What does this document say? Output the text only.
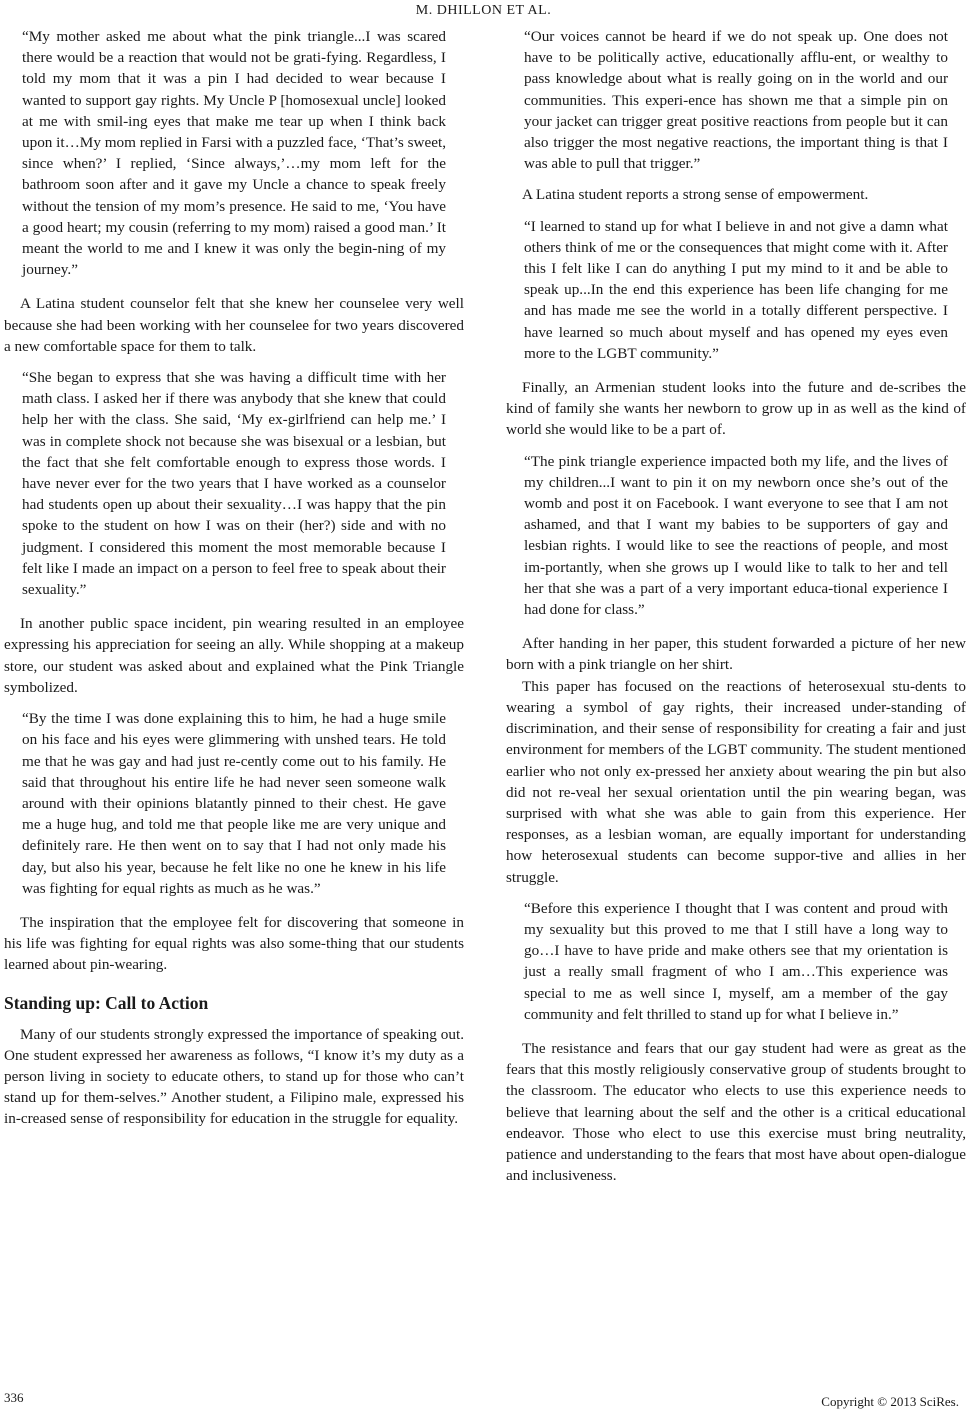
M. DHILLON ET AL.

“My mother asked me about what the pink triangle...I was scared there would be a reaction that would not be grati-fying. Regardless, I told my mom that it was a pin I had decided to wear because I wanted to support gay rights. My Uncle P [homosexual uncle] looked at me with smil-ing eyes that make me tear up when I think back upon it…My mom replied in Farsi with a puzzled face, ‘That’s sweet, since when?’ I replied, ‘Since always,’…my mom left for the bathroom soon after and it gave my Uncle a chance to speak freely without the tension of my mom’s presence. He said to me, ‘You have a good heart; my cousin (referring to my mom) raised a good man.’ It meant the world to me and I knew it was only the begin-ning of my journey.”

A Latina student counselor felt that she knew her counselee very well because she had been working with her counselee for two years discovered a new comfortable space for them to talk.

“She began to express that she was having a difficult time with her math class. I asked her if there was anybody that she knew that could help her with the class. She said, ‘My ex-girlfriend can help me.’ I was in complete shock not because she was bisexual or a lesbian, but the fact that she felt comfortable enough to express those words. I have never ever for the two years that I have worked as a counselor had students open up about their sexuality…I was happy that the pin spoke to the student on how I was on their (her?) side and with no judgment. I considered this moment the most memorable because I felt like I made an impact on a person to feel free to speak about their sexuality.”

In another public space incident, pin wearing resulted in an employee expressing his appreciation for seeing an ally. While shopping at a makeup store, our student was asked about and explained what the Pink Triangle symbolized.

“By the time I was done explaining this to him, he had a huge smile on his face and his eyes were glimmering with unshed tears. He told me that he was gay and had just re-cently come out to his family. He said that throughout his entire life he had never seen someone walk around with their opinions blatantly pinned to their chest. He gave me a huge hug, and told me that people like me are very unique and definitely rare. He then went on to say that I had not only made his day, but also his year, because he felt like no one he knew in his life was fighting for equal rights as much as he was.”

The inspiration that the employee felt for discovering that someone in his life was fighting for equal rights was also some-thing that our students learned about pin-wearing.

Standing up: Call to Action

Many of our students strongly expressed the importance of speaking out. One student expressed her awareness as follows, “I know it’s my duty as a person living in society to educate others, to stand up for those who can’t stand up for them-selves.” Another student, a Filipino male, expressed his in-creased sense of responsibility for education in the struggle for equality.

“Our voices cannot be heard if we do not speak up. One does not have to be politically active, educationally afflu-ent, or wealthy to pass knowledge about what is really going on in the world and our communities. This experi-ence has shown me that a simple pin on your jacket can trigger great positive reactions from people but it can also trigger the most negative reactions, the important thing is that I was able to pull that trigger.”

A Latina student reports a strong sense of empowerment.

“I learned to stand up for what I believe in and not give a damn what others think of me or the consequences that might come with it. After this I felt like I can do anything I put my mind to it and be able to speak up...In the end this experience has been life changing for me and has made me see the world in a totally different perspective. I have learned so much about myself and has opened my eyes even more to the LGBT community.”

Finally, an Armenian student looks into the future and de-scribes the kind of family she wants her newborn to grow up in as well as the kind of world she would like to be a part of.

“The pink triangle experience impacted both my life, and the lives of my children...I want to pin it on my newborn once she’s out of the womb and post it on Facebook. I want everyone to see that I am not ashamed, and that I want my babies to be supporters of gay and lesbian rights. I would like to see the reactions of people, and most im-portantly, when she grows up I would like to talk to her and tell her that she was a part of a very important educa-tional experience I had done for class.”

After handing in her paper, this student forwarded a picture of her new born with a pink triangle on her shirt.

This paper has focused on the reactions of heterosexual stu-dents to wearing a symbol of gay rights, their increased under-standing of discrimination, and their sense of responsibility for creating a fair and just environment for members of the LGBT community. The student mentioned earlier who not only ex-pressed her anxiety about wearing the pin but also did not re-veal her sexual orientation until the pin wearing began, was surprised with what she was able to gain from this experience. Her responses, as a lesbian woman, are equally important for understanding how heterosexual students can become suppor-tive and allies in her struggle.

“Before this experience I thought that I was content and proud with my sexuality but this proved to me that I still have a long way to go…I have to have pride and make others see that my orientation is just a really small fragment of who I am…This experience was special to me as well since I, myself, am a member of the gay community and felt thrilled to stand up for what I believe in.”

The resistance and fears that our gay student had were as great as the fears that this mostly religiously conservative group of students brought to the classroom. The educator who elects to use this experience needs to believe that learning about the self and the other is a critical educational endeavor. Those who elect to use this exercise must bring neutrality, patience and understanding to the fears that most have about open-dialogue and inclusiveness.

336	Copyright © 2013 SciRes.
